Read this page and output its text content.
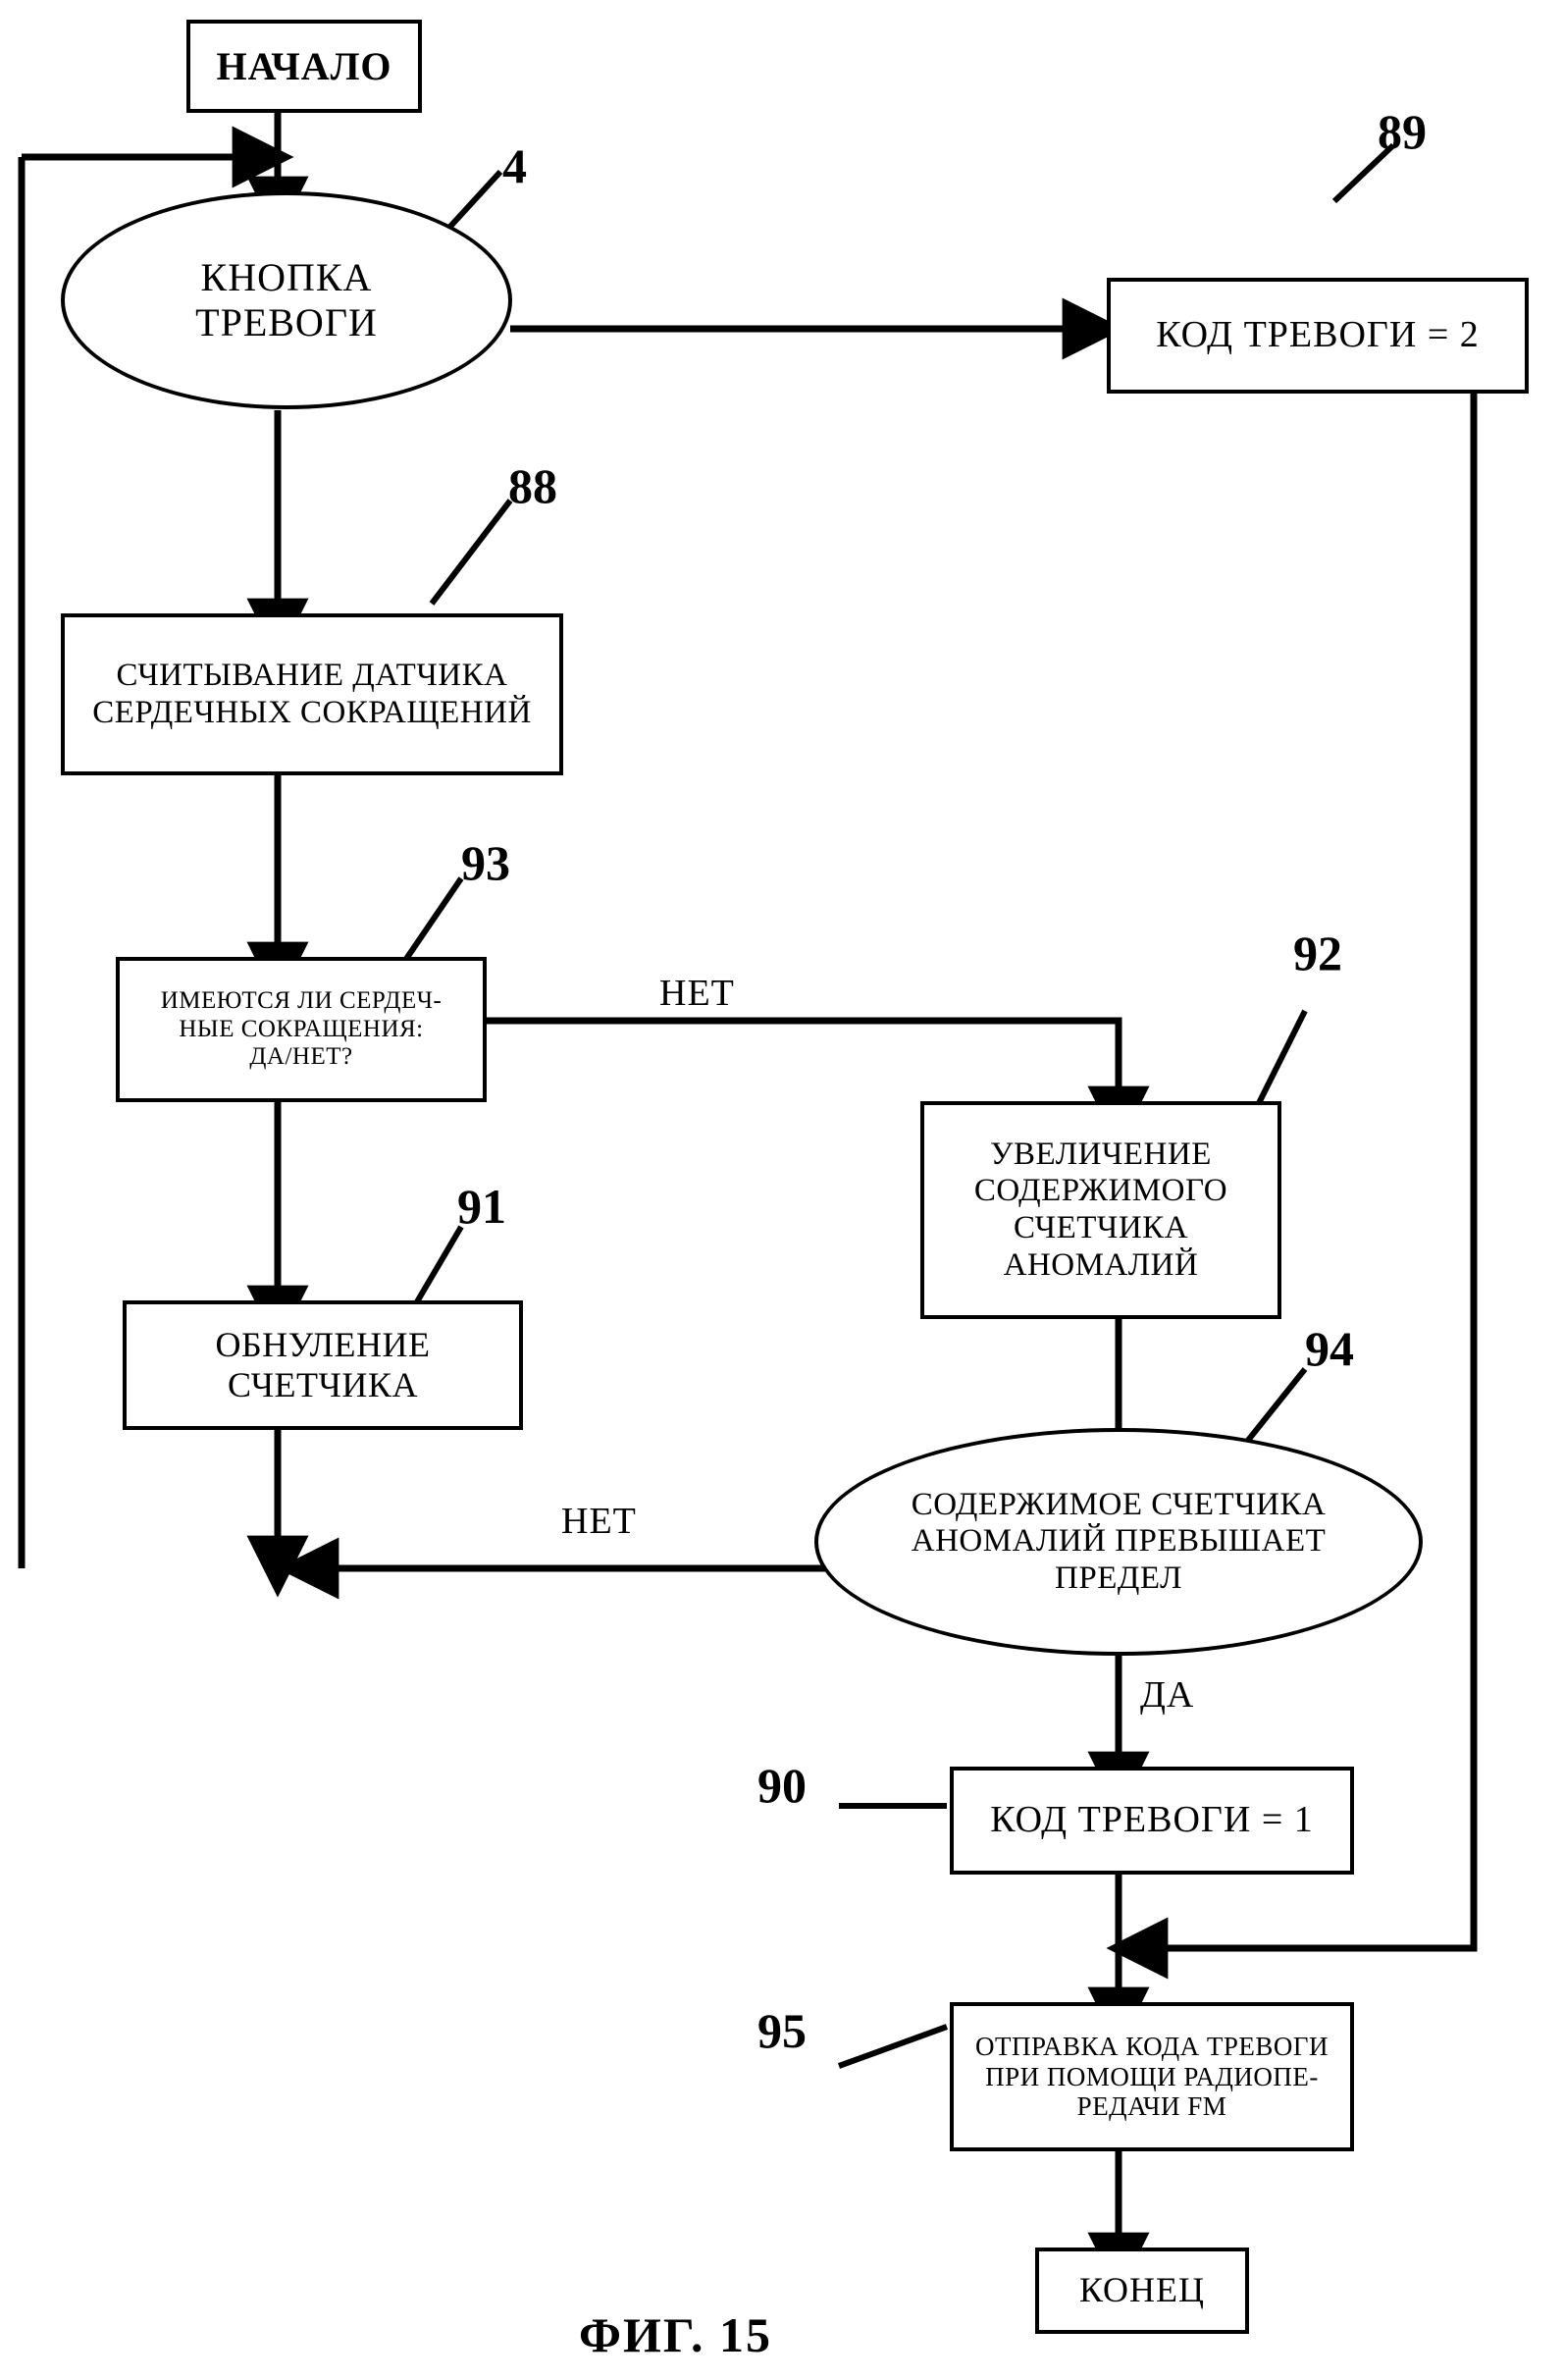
НАЧАЛО
КНОПКА
ТРЕВОГИ	КОД ТРЕВОГИ = 2
СЧИТЫВАНИЕ ДАТЧИКА
СЕРДЕЧНЫХ СОКРАЩЕНИЙ
ИМЕЮТСЯ ЛИ СЕРДЕЧ-
НЫЕ СОКРАЩЕНИЯ:
ДА/НЕТ?
УВЕЛИЧЕНИЕ
СОДЕРЖИМОГО
СЧЕТЧИКА
АНОМАЛИЙ
ОБНУЛЕНИЕ
СЧЕТЧИКА
СОДЕРЖИМОЕ СЧЕТЧИКА
АНОМАЛИЙ ПРЕВЫШАЕТ
ПРЕДЕЛ
КОД ТРЕВОГИ = 1
ОТПРАВКА КОДА ТРЕВОГИ
ПРИ ПОМОЩИ РАДИОПЕ-
РЕДАЧИ FM
КОНЕЦ
4
89
88
93
92
91
94
90
95
НЕТ
НЕТ
ДА
ФИГ. 15
